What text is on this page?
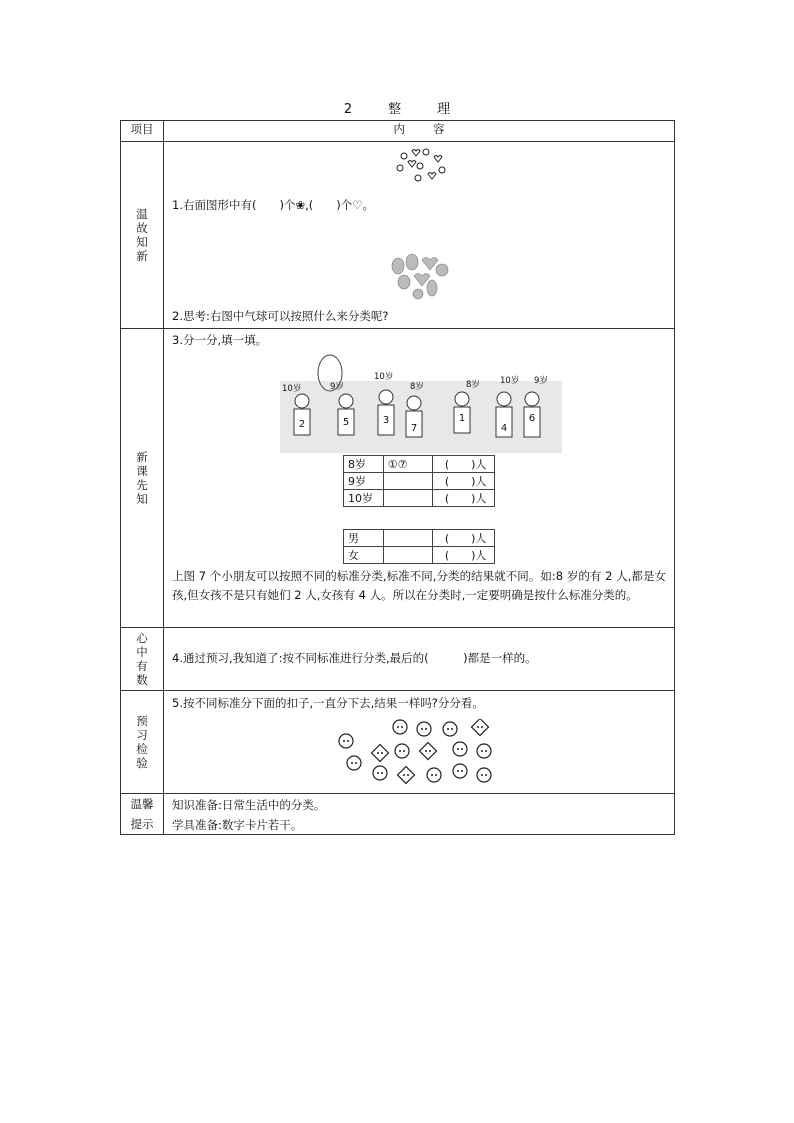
2	整	理
项目	内 容
温故知新	
1.右面图形中有(　　)个❀,(　　)个♡。
2.思考:右图中气球可以按照什么来分类呢?

新课先知	
3.分一分,填一填。
10岁	9岁
10岁
8岁	8岁 10岁 9岁
2	5	3
7
1
4
6
8岁	①⑦	(　　)人
9岁		(　　)人
10岁		(　　)人
男		(　　)人
女		(　　)人
上图 7 个小朋友可以按照不同的标准分类,标准不同,分类的结果就不同。如:8 岁的有 2 人,都是女孩,但女孩不是只有她们 2 人,女孩有 4 人。所以在分类时,一定要明确是按什么标准分类的。

心中有数	
4.通过预习,我知道了:按不同标准进行分类,最后的(　　　)都是一样的。

预习检验	
5.按不同标准分下面的扣子,一直分下去,结果一样吗?分分看。

温馨
提示

知识准备:日常生活中的分类。
学具准备:数字卡片若干。
